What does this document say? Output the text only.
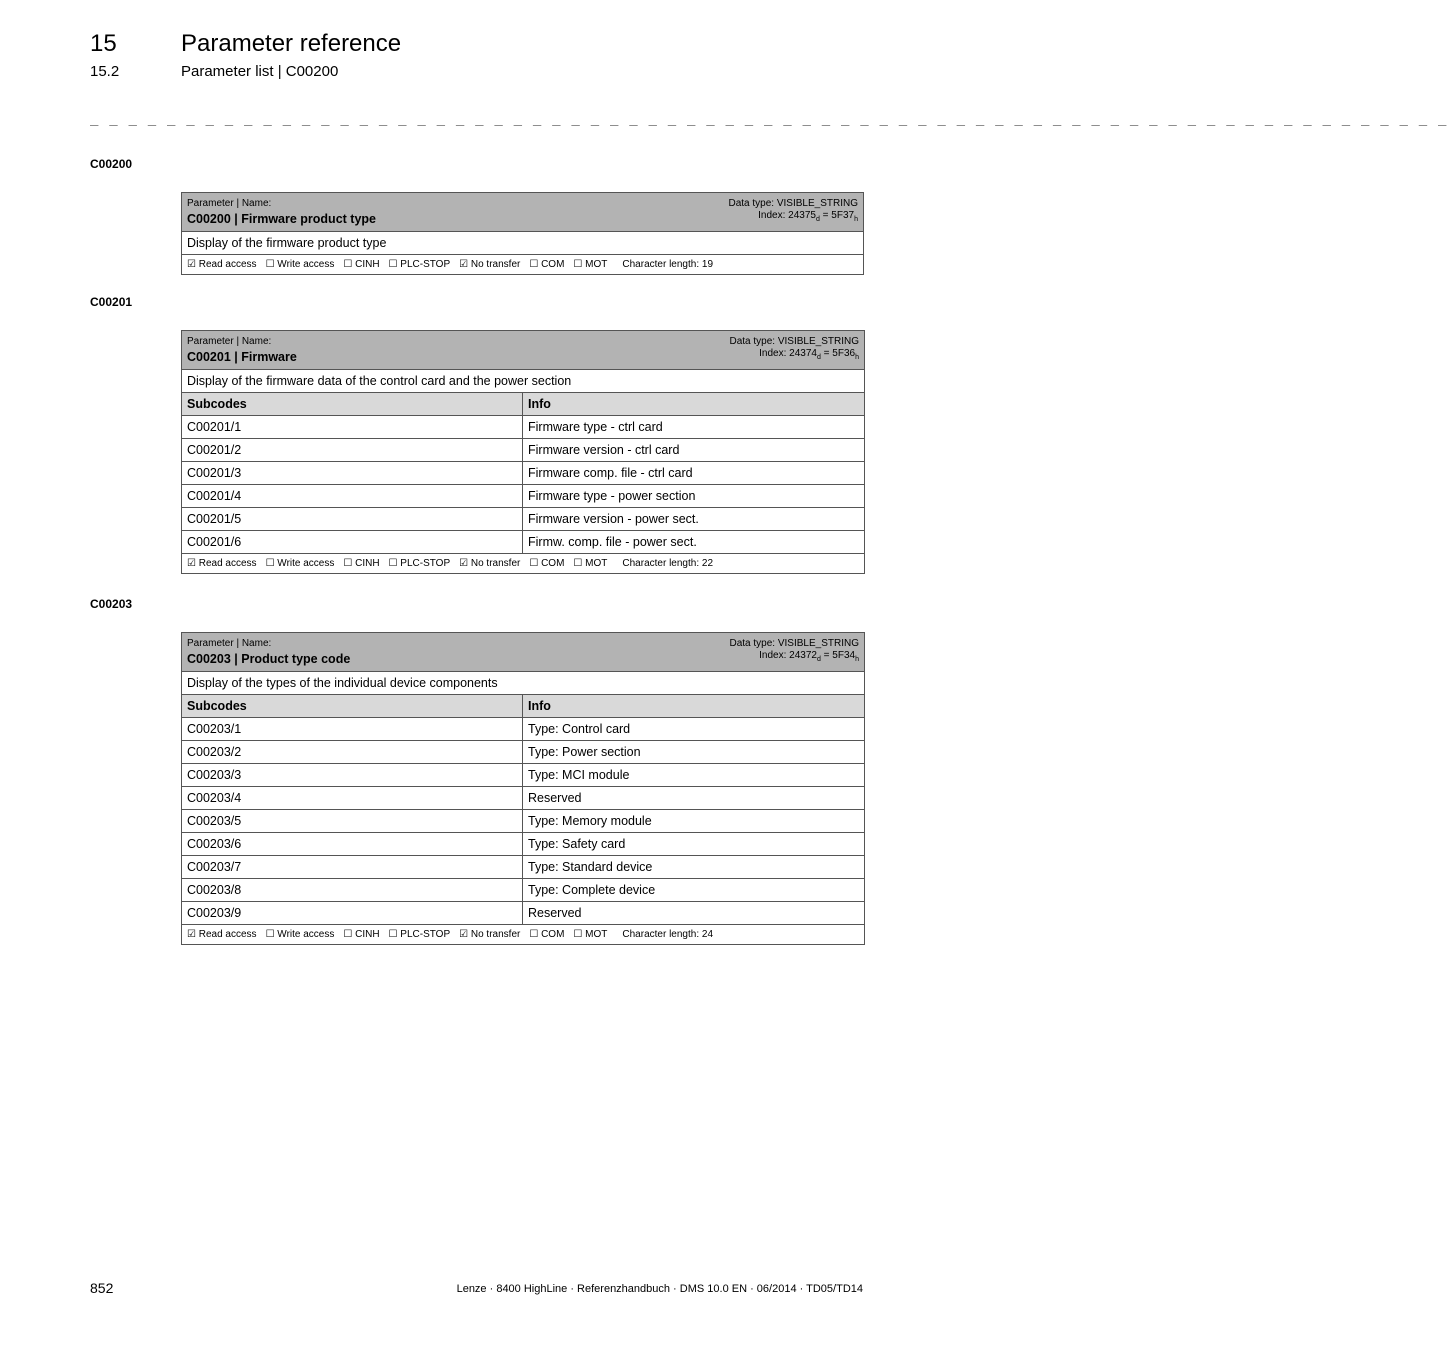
15	Parameter reference
15.2	Parameter list | C00200
_ _ _ _ _ _ _ _ _ _ _ _ _ _ _ _ _ _ _ _ _ _ _ _ _ _ _ _ _ _ _ _ _ _ _ _ _ _ _ _ _ _ _ _ _ _ _ _ _ _ _ _ _ _ _ _ _ _ _ _ _ _ _ _ _ _ _ _ _ _ _
C00200
Parameter | Name:
C00200 | Firmware product type
Data type: VISIBLE_STRING
Index: $24375_d = 5F37_h$

Display of the firmware product type
☑ Read access ☐ Write access ☐ CINH ☐ PLC-STOP ☑ No transfer ☐ COM ☐ MOT Character length: 19
C00201
Parameter | Name:
C00201 | Firmware
Data type: VISIBLE_STRING
Index: $24374_d = 5F36_h$

Display of the firmware data of the control card and the power section	
Subcodes	Info
C00201/1	Firmware type - ctrl card
C00201/2	Firmware version - ctrl card
C00201/3	Firmware comp. file - ctrl card
C00201/4	Firmware type - power section
C00201/5	Firmware version - power sect.
C00201/6	Firmw. comp. file - power sect.
☑ Read access ☐ Write access ☐ CINH ☐ PLC-STOP ☑ No transfer ☐ COM ☐ MOT Character length: 22	
C00203
Parameter | Name:
C00203 | Product type code
Data type: VISIBLE_STRING
Index: $24372_d = 5F34_h$

Display of the types of the individual device components	
Subcodes	Info
C00203/1	Type: Control card
C00203/2	Type: Power section
C00203/3	Type: MCI module
C00203/4	Reserved
C00203/5	Type: Memory module
C00203/6	Type: Safety card
C00203/7	Type: Standard device
C00203/8	Type: Complete device
C00203/9	Reserved
☑ Read access ☐ Write access ☐ CINH ☐ PLC-STOP ☑ No transfer ☐ COM ☐ MOT Character length: 24	
852	Lenze · 8400 HighLine · Referenzhandbuch · DMS 10.0 EN · 06/2014 · TD05/TD14
